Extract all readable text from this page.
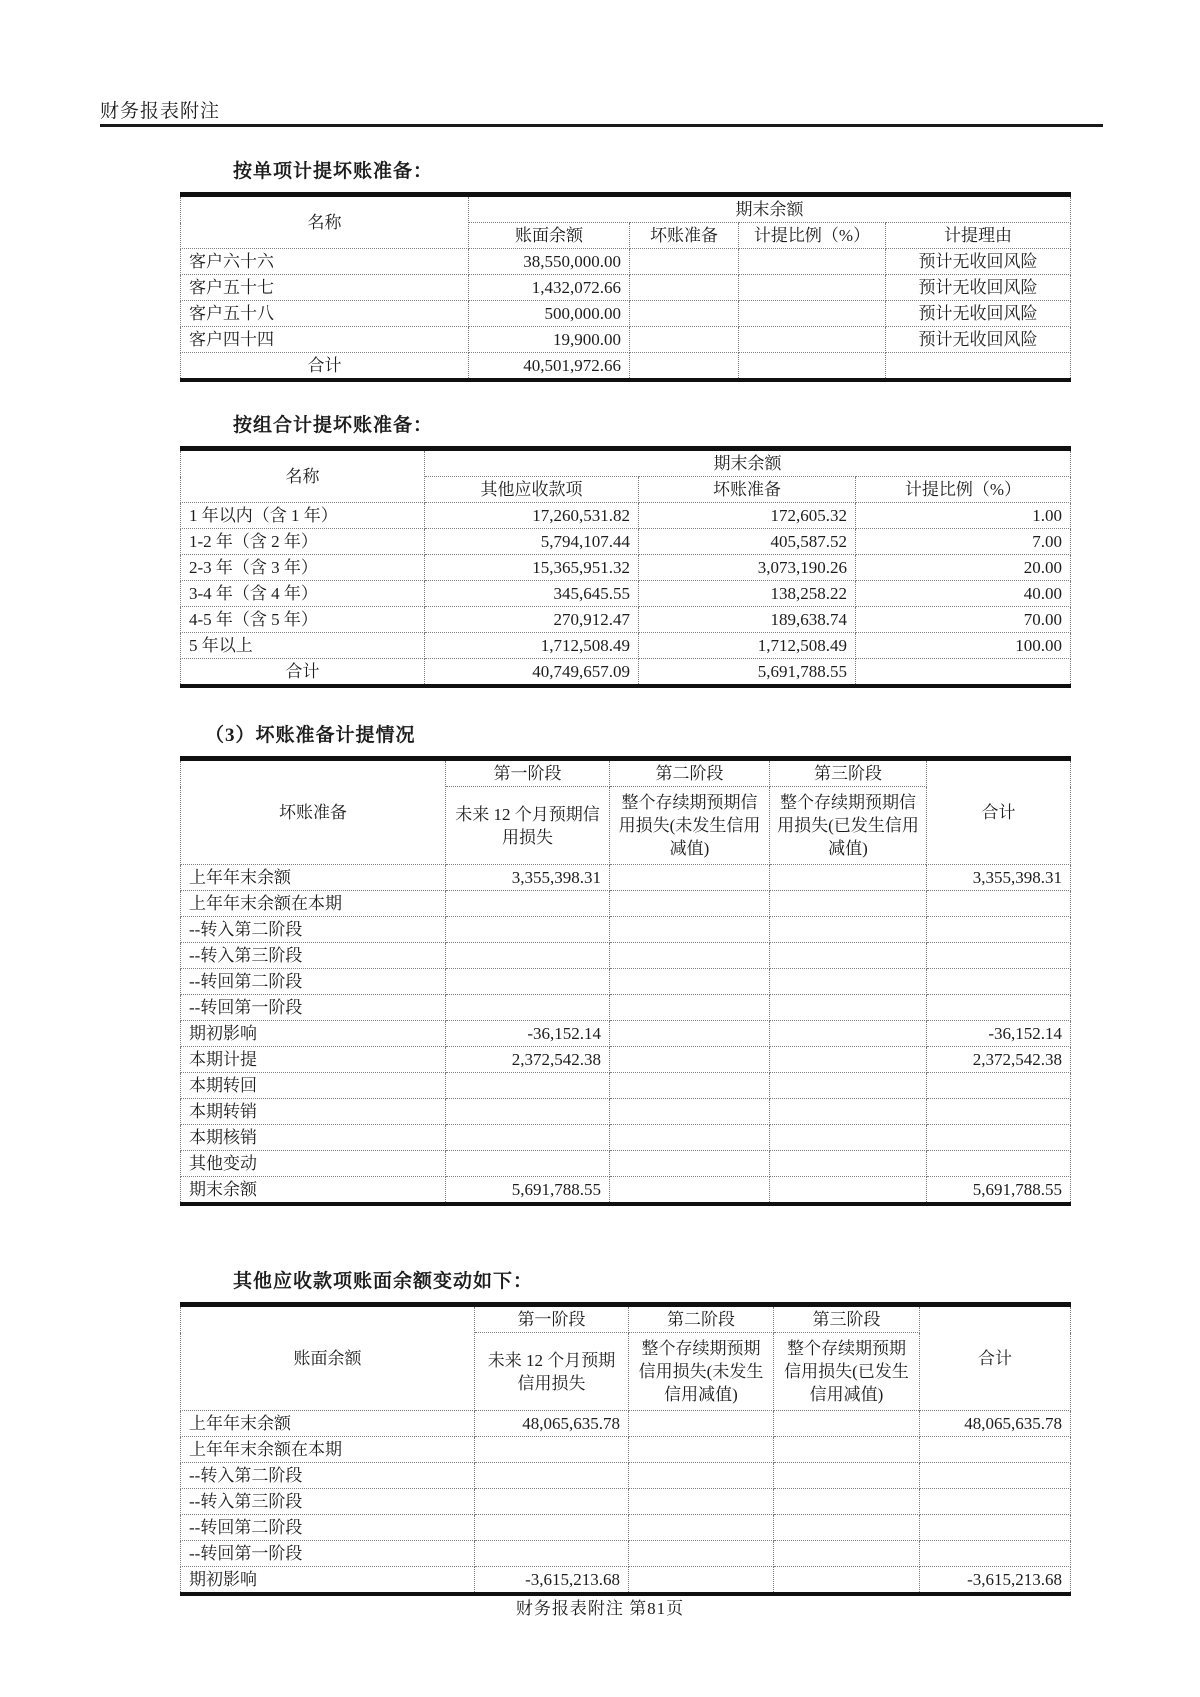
财务报表附注
按单项计提坏账准备：
名称	期末余额			
	账面余额	坏账准备	计提比例（%）	计提理由
客户六十六	38,550,000.00			预计无收回风险
客户五十七	1,432,072.66			预计无收回风险
客户五十八	500,000.00			预计无收回风险
客户四十四	19,900.00			预计无收回风险
合计	40,501,972.66			
按组合计提坏账准备：
名称	期末余额		
	其他应收款项	坏账准备	计提比例（%）
1 年以内（含 1 年）	17,260,531.82	172,605.32	1.00
1-2 年（含 2 年）	5,794,107.44	405,587.52	7.00
2-3 年（含 3 年）	15,365,951.32	3,073,190.26	20.00
3-4 年（含 4 年）	345,645.55	138,258.22	40.00
4-5 年（含 5 年）	270,912.47	189,638.74	70.00
5 年以上	1,712,508.49	1,712,508.49	100.00
合计	40,749,657.09	5,691,788.55	
（3）坏账准备计提情况
坏账准备	第一阶段	第二阶段	第三阶段	合计
	未来 12 个月预期信用损失	整个存续期预期信用损失(未发生信用减值)	整个存续期预期信用损失(已发生信用减值)	
上年年末余额	3,355,398.31			3,355,398.31
上年年末余额在本期				
--转入第二阶段				
--转入第三阶段				
--转回第二阶段				
--转回第一阶段				
期初影响	-36,152.14			-36,152.14
本期计提	2,372,542.38			2,372,542.38
本期转回				
本期转销				
本期核销				
其他变动				
期末余额	5,691,788.55			5,691,788.55
其他应收款项账面余额变动如下：
账面余额	第一阶段	第二阶段	第三阶段	合计
	未来 12 个月预期信用损失	整个存续期预期信用损失(未发生信用减值)	整个存续期预期信用损失(已发生信用减值)	
上年年末余额	48,065,635.78			48,065,635.78
上年年末余额在本期				
--转入第二阶段				
--转入第三阶段				
--转回第二阶段				
--转回第一阶段				
期初影响	-3,615,213.68			-3,615,213.68
财务报表附注 第81页
